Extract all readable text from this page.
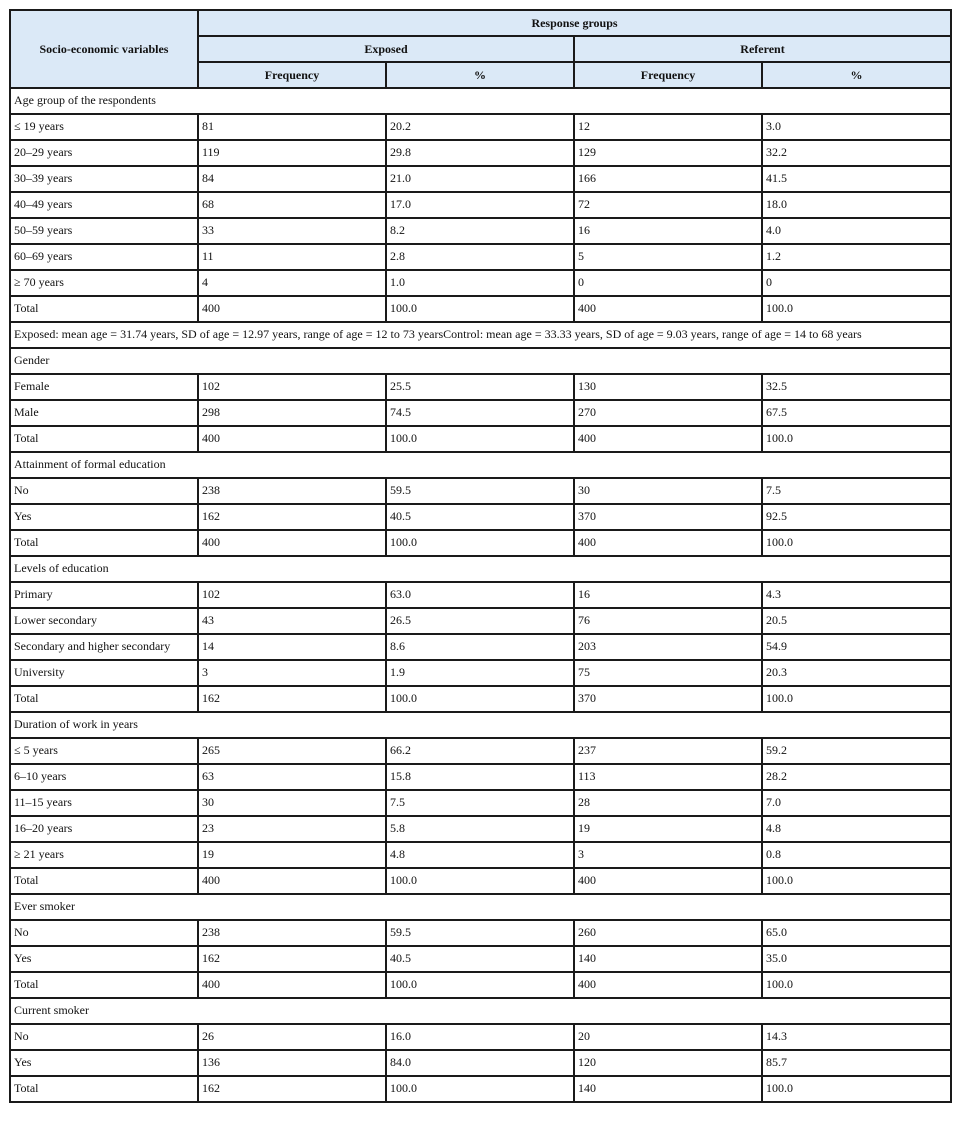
Socio-economic variables	Response groups			
	Exposed		Referent	
	Frequency	%	Frequency	%
Age group of the respondents				
≤ 19 years	81	20.2	12	3.0
20–29 years	119	29.8	129	32.2
30–39 years	84	21.0	166	41.5
40–49 years	68	17.0	72	18.0
50–59 years	33	8.2	16	4.0
60–69 years	11	2.8	5	1.2
≥ 70 years	4	1.0	0	0
Total	400	100.0	400	100.0
Exposed: mean age = 31.74 years, SD of age = 12.97 years, range of age = 12 to 73 yearsControl: mean age = 33.33 years, SD of age = 9.03 years, range of age = 14 to 68 years				
Gender				
Female	102	25.5	130	32.5
Male	298	74.5	270	67.5
Total	400	100.0	400	100.0
Attainment of formal education				
No	238	59.5	30	7.5
Yes	162	40.5	370	92.5
Total	400	100.0	400	100.0
Levels of education				
Primary	102	63.0	16	4.3
Lower secondary	43	26.5	76	20.5
Secondary and higher secondary	14	8.6	203	54.9
University	3	1.9	75	20.3
Total	162	100.0	370	100.0
Duration of work in years				
≤ 5 years	265	66.2	237	59.2
6–10 years	63	15.8	113	28.2
11–15 years	30	7.5	28	7.0
16–20 years	23	5.8	19	4.8
≥ 21 years	19	4.8	3	0.8
Total	400	100.0	400	100.0
Ever smoker				
No	238	59.5	260	65.0
Yes	162	40.5	140	35.0
Total	400	100.0	400	100.0
Current smoker				
No	26	16.0	20	14.3
Yes	136	84.0	120	85.7
Total	162	100.0	140	100.0
